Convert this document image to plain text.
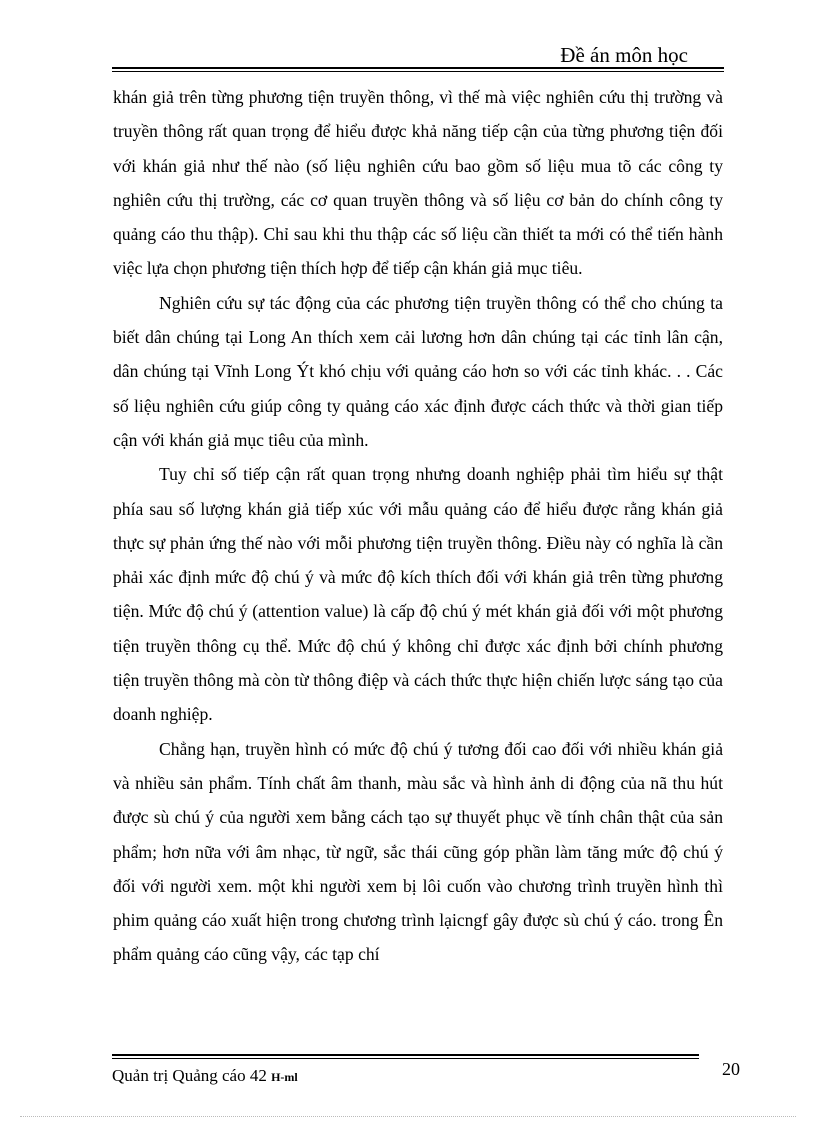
Đề án môn học

khán giả trên từng phương tiện truyền thông, vì thế mà việc nghiên cứu thị trường và truyền thông rất quan trọng để hiểu được khả năng tiếp cận của từng phương tiện đối với khán giả như thế nào (số liệu nghiên cứu bao gồm số liệu mua tõ các công ty nghiên cứu thị trường, các cơ quan truyền thông và số liệu cơ bản do chính công ty quảng cáo thu thập). Chỉ sau khi thu thập các số liệu cần thiết ta mới có thể tiến hành việc lựa chọn phương tiện thích hợp để tiếp cận khán giả mục tiêu.

Nghiên cứu sự tác động của các phương tiện truyền thông có thể cho chúng ta biết dân chúng tại Long An thích xem cải lương hơn dân chúng tại các tỉnh lân cận, dân chúng tại Vĩnh Long Ýt khó chịu với quảng cáo hơn so với các tỉnh khác. . . Các số liệu nghiên cứu giúp công ty quảng cáo xác định được cách thức và thời gian tiếp cận với khán giả mục tiêu của mình.

Tuy chỉ số tiếp cận rất quan trọng nhưng doanh nghiệp phải tìm hiểu sự thật phía sau số lượng khán giả tiếp xúc với mẫu quảng cáo để hiểu được rằng khán giả thực sự phản ứng thế nào với mỗi phương tiện truyền thông. Điều này có nghĩa là cần phải xác định mức độ chú ý và mức độ kích thích đối với khán giả trên từng phương tiện. Mức độ chú ý (attention value) là cấp độ chú ý mét khán giả đối với một phương tiện truyền thông cụ thể. Mức độ chú ý không chỉ được xác định bởi chính phương tiện truyền thông mà còn từ thông điệp và cách thức thực hiện chiến lược sáng tạo của doanh nghiệp.

Chẳng hạn, truyền hình có mức độ chú ý tương đối cao đối với nhiều khán giả và nhiều sản phẩm. Tính chất âm thanh, màu sắc và hình ảnh di động của nã thu hút được sù chú ý của người xem bằng cách tạo sự thuyết phục về tính chân thật của sản phẩm; hơn nữa với âm nhạc, từ ngữ, sắc thái cũng góp phần làm tăng mức độ chú ý đối với người xem. một khi người xem bị lôi cuốn vào chương trình truyền hình thì phim quảng cáo xuất hiện trong chương trình lạicngf gây được sù chú ý cáo. trong Ên phẩm quảng cáo cũng vậy, các tạp chí

Quản trị Quảng cáo 42 H-ml	20
